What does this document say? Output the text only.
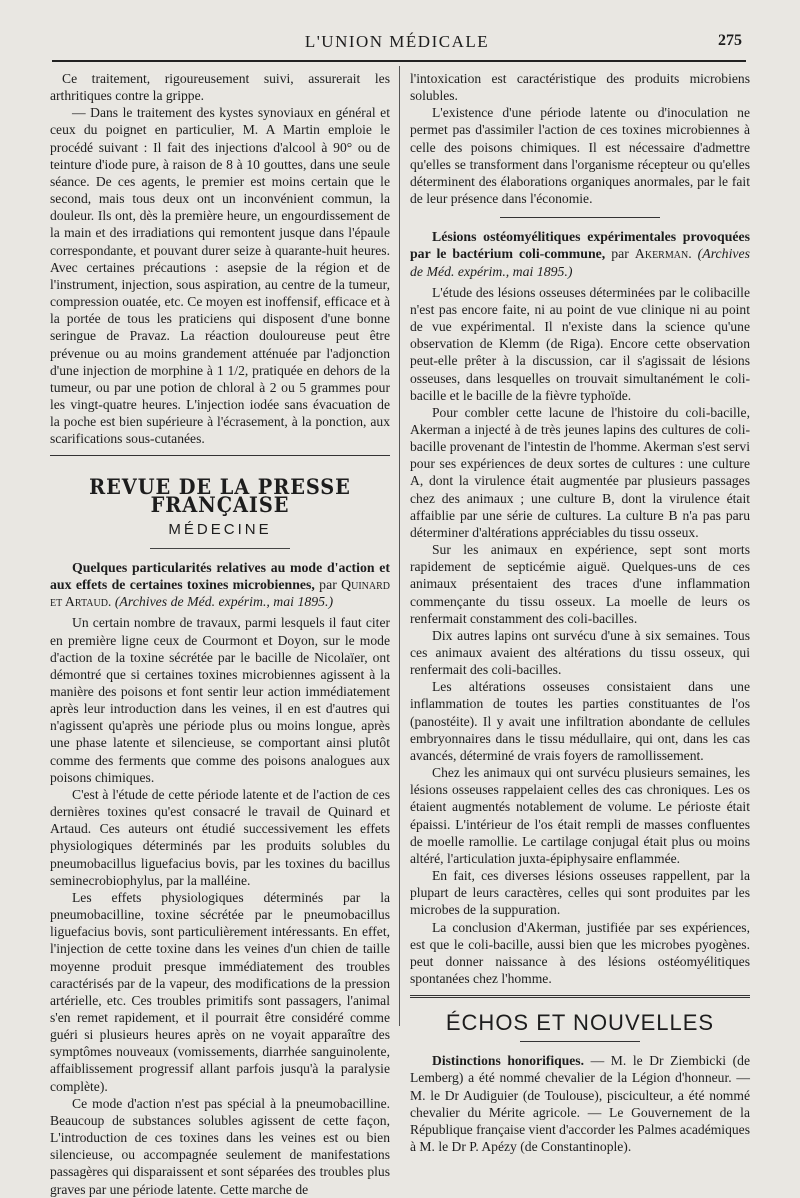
L'UNION MÉDICALE	275

Ce traitement, rigoureusement suivi, assurerait les arthritiques contre la grippe.

— Dans le traitement des kystes synoviaux en général et ceux du poignet en particulier, M. A Martin emploie le procédé suivant : Il fait des injections d'alcool à 90° ou de teinture d'iode pure, à raison de 8 à 10 gouttes, dans une seule séance. De ces agents, le premier est moins certain que le second, mais tous deux ont un inconvénient commun, la douleur. Ils ont, dès la première heure, un engourdissement de la main et des irradiations qui remontent jusque dans l'épaule correspondante, et pouvant durer seize à quarante-huit heures. Avec certaines précautions : asepsie de la région et de l'instrument, injection, sous aspiration, au centre de la tumeur, compression ouatée, etc. Ce moyen est inoffensif, efficace et à la portée de tous les praticiens qui disposent d'une bonne seringue de Pravaz. La réaction douloureuse peut être prévenue ou au moins grandement atténuée par l'adjonction d'une injection de morphine à 1 1/2, pratiquée en dehors de la tumeur, ou par une potion de chloral à 2 ou 5 grammes pour les vingt-quatre heures. L'injection iodée sans évacuation de la poche est bien supérieure à l'écrasement, à la ponction, aux scarifications sous-cutanées.

REVUE DE LA PRESSE FRANÇAISE
MÉDECINE

Quelques particularités relatives au mode d'action et aux effets de certaines toxines microbiennes, par Quinard et Artaud. (Archives de Méd. expérim., mai 1895.)

Un certain nombre de travaux, parmi lesquels il faut citer en première ligne ceux de Courmont et Doyon, sur le mode d'action de la toxine sécrétée par le bacille de Nicolaïer, ont démontré que si certaines toxines microbiennes agissent à la manière des poisons et font sentir leur action immédiatement après leur introduction dans les veines, il en est d'autres qui n'agissent qu'après une période plus ou moins longue, après une phase latente et silencieuse, se comportant ainsi plutôt comme des ferments que comme des poisons analogues aux poisons chimiques.

C'est à l'étude de cette période latente et de l'action de ces dernières toxines qu'est consacré le travail de Quinard et Artaud. Ces auteurs ont étudié successivement les effets physiologiques déterminés par les produits solubles du pneumobacillus liguefacius bovis, par les toxines du bacillus seminecrobiophylus, par la malléine.

Les effets physiologiques déterminés par la pneumobacilline, toxine sécrétée par le pneumobacillus liguefacius bovis, sont particulièrement intéressants. En effet, l'injection de cette toxine dans les veines d'un chien de taille moyenne produit presque immédiatement des troubles caractérisés par de la vapeur, des modifications de la pression artérielle, etc. Ces troubles primitifs sont passagers, l'animal s'en remet rapidement, et il pourrait être considéré comme guéri si plusieurs heures après on ne voyait apparaître des symptômes nouveaux (vomissements, diarrhée sanguinolente, affaiblissement progressif allant parfois jusqu'à la paralysie complète).

Ce mode d'action n'est pas spécial à la pneumobacilline. Beaucoup de substances solubles agissent de cette façon, L'introduction de ces toxines dans les veines est ou bien silencieuse, ou accompagnée seulement de manifestations passagères qui disparaissent et sont séparées des troubles plus graves par une période latente. Cette marche de

l'intoxication est caractéristique des produits microbiens solubles.

L'existence d'une période latente ou d'inoculation ne permet pas d'assimiler l'action de ces toxines microbiennes à celle des poisons chimiques. Il est nécessaire d'admettre qu'elles se transforment dans l'organisme récepteur ou qu'elles déterminent des élaborations organiques anormales, par le fait de leur présence dans l'économie.

Lésions ostéomyélitiques expérimentales provoquées par le bactérium coli-commune, par Akerman. (Archives de Méd. expérim., mai 1895.)

L'étude des lésions osseuses déterminées par le colibacille n'est pas encore faite, ni au point de vue clinique ni au point de vue expérimental. Il n'existe dans la science qu'une observation de Klemm (de Riga). Encore cette observation peut-elle prêter à la discussion, car il s'agissait de lésions osseuses, dans lesquelles on trouvait simultanément le coli-bacille et le bacille de la fièvre typhoïde.

Pour combler cette lacune de l'histoire du coli-bacille, Akerman a injecté à de très jeunes lapins des cultures de coli-bacille provenant de l'intestin de l'homme. Akerman s'est servi pour ses expériences de deux sortes de cultures : une culture A, dont la virulence était augmentée par plusieurs passages chez des animaux ; une culture B, dont la virulence était affaiblie par une série de cultures. La culture B n'a pas paru déterminer d'altérations appréciables du tissu osseux.

Sur les animaux en expérience, sept sont morts rapidement de septicémie aiguë. Quelques-uns de ces animaux présentaient des traces d'une inflammation commençante du tissu osseux. La moelle de leurs os renfermait constamment des coli-bacilles.

Dix autres lapins ont survécu d'une à six semaines. Tous ces animaux avaient des altérations du tissu osseux, qui renfermait des coli-bacilles.

Les altérations osseuses consistaient dans une inflammation de toutes les parties constituantes de l'os (panostéite). Il y avait une infiltration abondante de cellules embryonnaires dans le tissu médullaire, qui ont, dans les cas avancés, déterminé de vrais foyers de ramollissement.

Chez les animaux qui ont survécu plusieurs semaines, les lésions osseuses rappelaient celles des cas chroniques. Les os étaient augmentés notablement de volume. Le périoste était épaissi. L'intérieur de l'os était rempli de masses confluentes de moelle ramollie. Le cartilage conjugal était plus ou moins altéré, l'articulation juxta-épiphysaire enflammée.

En fait, ces diverses lésions osseuses rappellent, par la plupart de leurs caractères, celles qui sont produites par les microbes de la suppuration.

La conclusion d'Akerman, justifiée par ses expériences, est que le coli-bacille, aussi bien que les microbes pyogènes. peut donner naissance à des lésions ostéomyélitiques spontanées chez l'homme.

ÉCHOS ET NOUVELLES

Distinctions honorifiques. — M. le Dr Ziembicki (de Lemberg) a été nommé chevalier de la Légion d'honneur. — M. le Dr Audiguier (de Toulouse), pisciculteur, a été nommé chevalier du Mérite agricole. — Le Gouvernement de la République française vient d'accorder les Palmes académiques à M. le Dr P. Apézy (de Constantinople).
